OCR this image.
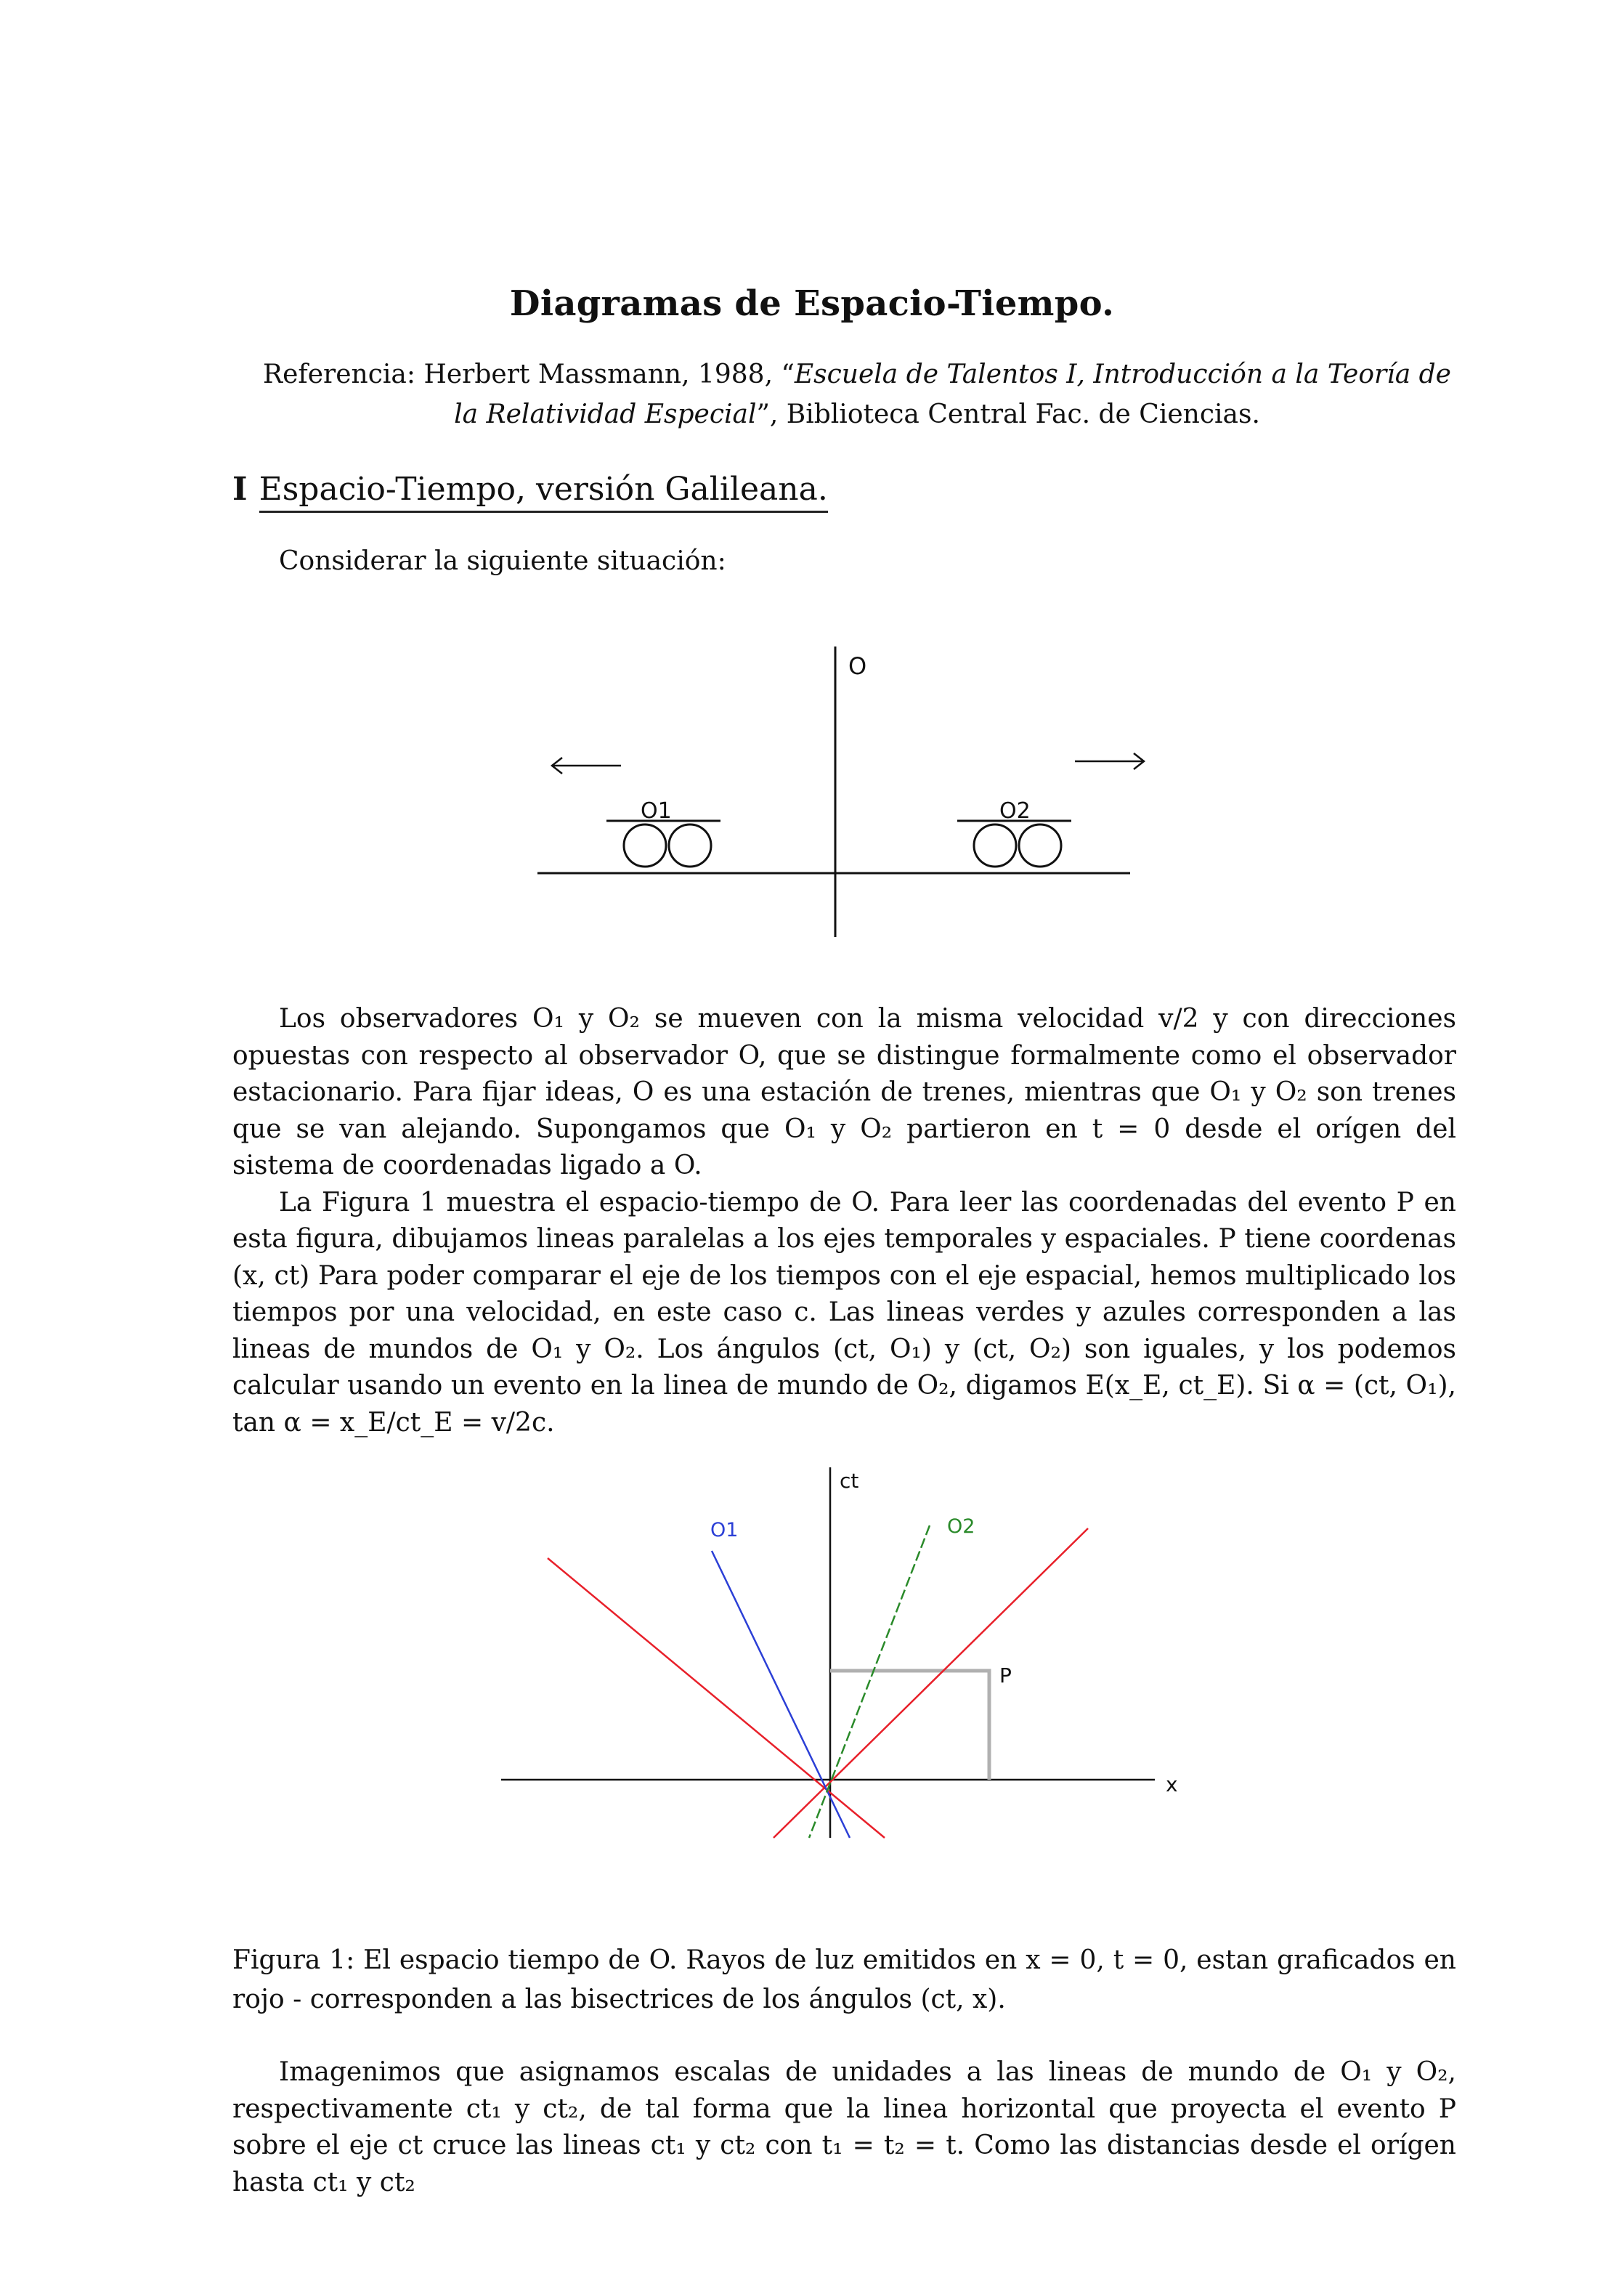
Diagramas de Espacio-Tiempo.
Referencia: Herbert Massmann, 1988, “Escuela de Talentos I, Introducción a la Teoría de la Relatividad Especial”, Biblioteca Central Fac. de Ciencias.
I Espacio-Tiempo, versión Galileana.
Considerar la siguiente situación:
O
O1	O2

Los observadores O₁ y O₂ se mueven con la misma velocidad v/2 y con direcciones opuestas con respecto al observador O, que se distingue formalmente como el observador estacionario. Para fijar ideas, O es una estación de trenes, mientras que O₁ y O₂ son trenes que se van alejando. Supongamos que O₁ y O₂ partieron en t = 0 desde el orígen del sistema de coordenadas ligado a O.

La Figura 1 muestra el espacio-tiempo de O. Para leer las coordenadas del evento P en esta figura, dibujamos lineas paralelas a los ejes temporales y espaciales. P tiene coordenas (x, ct) Para poder comparar el eje de los tiempos con el eje espacial, hemos multiplicado los tiempos por una velocidad, en este caso c. Las lineas verdes y azules corresponden a las lineas de mundos de O₁ y O₂. Los ángulos (ct, O₁) y (ct, O₂) son iguales, y los podemos calcular usando un evento en la linea de mundo de O₂, digamos E(x_E, ct_E). Si α = (ct, O₁), tan α = x_E/ct_E = v/2c.

ct
x
P
O1	O2
Figura 1: El espacio tiempo de O. Rayos de luz emitidos en x = 0, t = 0, estan graficados en rojo - corresponden a las bisectrices de los ángulos (ct, x).

Imagenimos que asignamos escalas de unidades a las lineas de mundo de O₁ y O₂, respectivamente ct₁ y ct₂, de tal forma que la linea horizontal que proyecta el evento P sobre el eje ct cruce las lineas ct₁ y ct₂ con t₁ = t₂ = t. Como las distancias desde el orígen hasta ct₁ y ct₂
